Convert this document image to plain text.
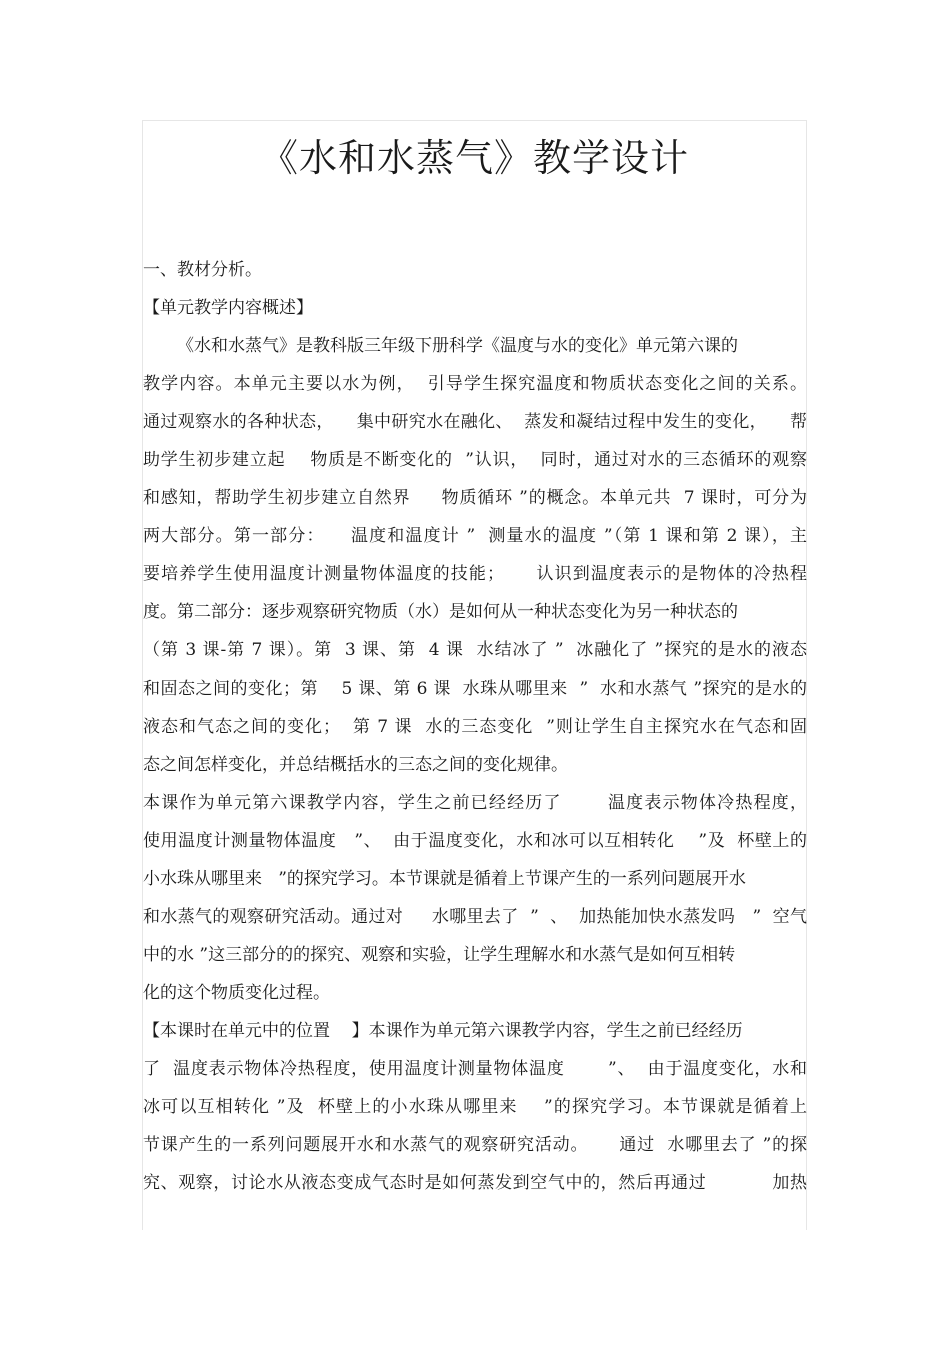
《水和水蒸气》教学设计
一、教材分析。
【单元教学内容概述】
《水和水蒸气》是教科版三年级下册科学《温度与水的变化》单元第六课的
教学内容。本单元主要以水为例，  引导学生探究温度和物质状态变化之间的关系。
通过观察水的各种状态，    集中研究水在融化、  蒸发和凝结过程中发生的变化，    帮
助学生初步建立起    物质是不断变化的  ”认识，  同时，通过对水的三态循环的观察
和感知，帮助学生初步建立自然界     物质循环 ”的概念。本单元共  7 课时，可分为
两大部分。第一部分：    温度和温度计 ”  测量水的温度 ”（第 1 课和第 2 课），主
要培养学生使用温度计测量物体温度的技能；     认识到温度表示的是物体的冷热程
度。第二部分：逐步观察研究物质（水）是如何从一种状态变化为另一种状态的
（第 3 课-第 7 课）。第  3 课、第  4 课  水结冰了 ”  冰融化了 ”探究的是水的液态
和固态之间的变化；第    5 课、第 6 课  水珠从哪里来  ”  水和水蒸气 ”探究的是水的
液态和气态之间的变化；  第 7 课  水的三态变化  ”则让学生自主探究水在气态和固
态之间怎样变化，并总结概括水的三态之间的变化规律。
本课作为单元第六课教学内容，学生之前已经经历了       温度表示物体冷热程度，
使用温度计测量物体温度   ”、  由于温度变化，水和冰可以互相转化    ”及  杯壁上的
小水珠从哪里来   ”的探究学习。本节课就是循着上节课产生的一系列问题展开水
和水蒸气的观察研究活动。通过对     水哪里去了  ”  、  加热能加快水蒸发吗   ”  空气
中的水 ”这三部分的的探究、观察和实验，让学生理解水和水蒸气是如何互相转
化的这个物质变化过程。
【本课时在单元中的位置    】本课作为单元第六课教学内容，学生之前已经经历
了  温度表示物体冷热程度，使用温度计测量物体温度       ”、  由于温度变化，水和
冰可以互相转化 ”及  杯壁上的小水珠从哪里来    ”的探究学习。本节课就是循着上
节课产生的一系列问题展开水和水蒸气的观察研究活动。     通过  水哪里去了 ”的探
究、观察，讨论水从液态变成气态时是如何蒸发到空气中的，然后再通过           加热
